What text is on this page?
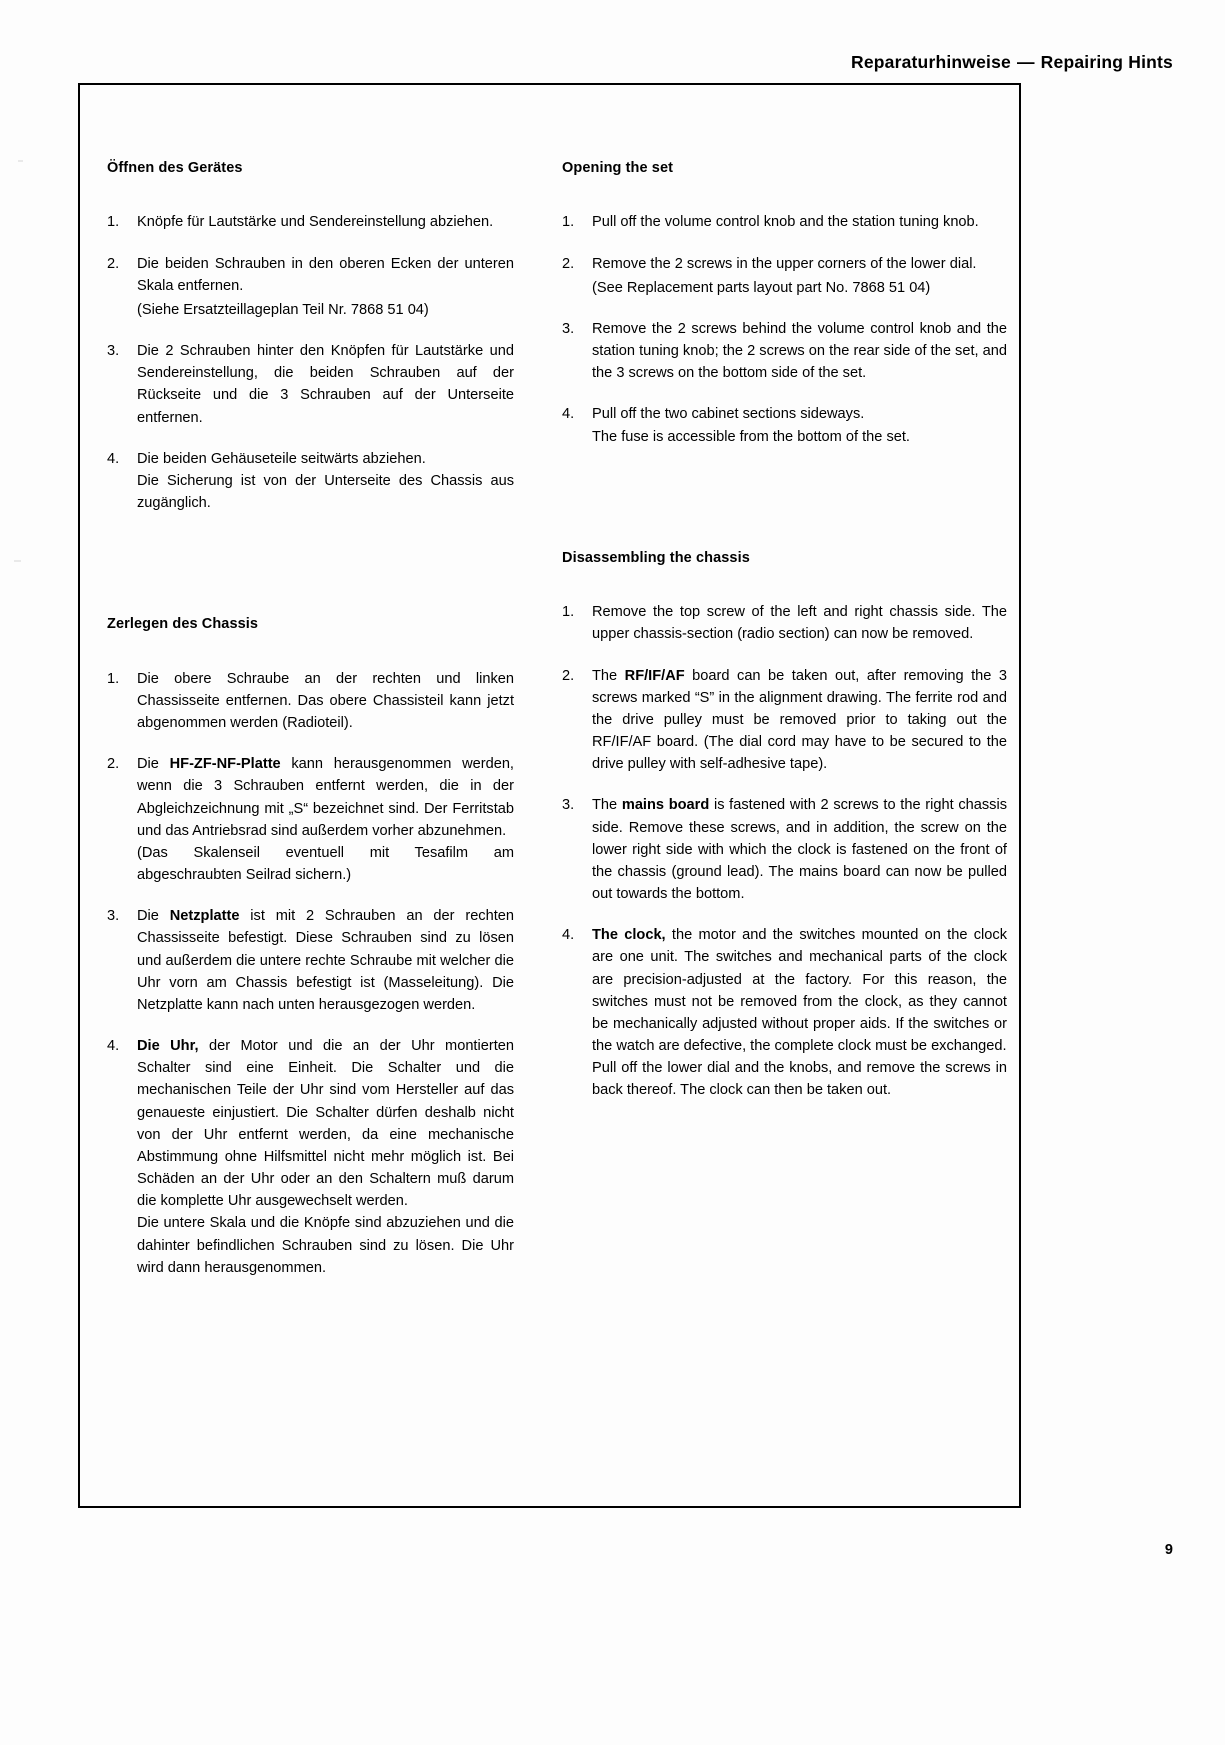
Reparaturhinweise — Repairing Hints
Öffnen des Gerätes
1.	Knöpfe für Lautstärke und Sendereinstellung abziehen.

2.	Die beiden Schrauben in den oberen Ecken der unteren Skala entfernen.

(Siehe Ersatzteillageplan Teil Nr. 7868 51 04)

3.	Die 2 Schrauben hinter den Knöpfen für Lautstärke und Sendereinstellung, die beiden Schrauben auf der Rückseite und die 3 Schrauben auf der Unterseite entfernen.

4.	Die beiden Gehäuseteile seitwärts abziehen.

Die Sicherung ist von der Unterseite des Chassis aus zugänglich.

Zerlegen des Chassis
1.	Die obere Schraube an der rechten und linken Chassisseite entfernen. Das obere Chassisteil kann jetzt abgenommen werden (Radioteil).

2.	Die HF-ZF-NF-Platte kann herausgenommen werden, wenn die 3 Schrauben entfernt werden, die in der Abgleichzeichnung mit „S“ bezeichnet sind. Der Ferritstab und das Antriebsrad sind außerdem vorher abzunehmen.

(Das Skalenseil eventuell mit Tesafilm am abgeschraubten Seilrad sichern.)

3.	Die Netzplatte ist mit 2 Schrauben an der rechten Chassisseite befestigt. Diese Schrauben sind zu lösen und außerdem die untere rechte Schraube mit welcher die Uhr vorn am Chassis befestigt ist (Masseleitung). Die Netzplatte kann nach unten herausgezogen werden.

4.	Die Uhr, der Motor und die an der Uhr montierten Schalter sind eine Einheit. Die Schalter und die mechanischen Teile der Uhr sind vom Hersteller auf das genaueste einjustiert. Die Schalter dürfen deshalb nicht von der Uhr entfernt werden, da eine mechanische Abstimmung ohne Hilfsmittel nicht mehr möglich ist. Bei Schäden an der Uhr oder an den Schaltern muß darum die komplette Uhr ausgewechselt werden.

Die untere Skala und die Knöpfe sind abzuziehen und die dahinter befindlichen Schrauben sind zu lösen. Die Uhr wird dann herausgenommen.

Opening the set
1.	Pull off the volume control knob and the station tuning knob.

2.	Remove the 2 screws in the upper corners of the lower dial.

(See Replacement parts layout part No. 7868 51 04)

3.	Remove the 2 screws behind the volume control knob and the station tuning knob; the 2 screws on the rear side of the set, and the 3 screws on the bottom side of the set.

4.	Pull off the two cabinet sections sideways.

The fuse is accessible from the bottom of the set.

Disassembling the chassis
1.	Remove the top screw of the left and right chassis side. The upper chassis-section (radio section) can now be removed.

2.	The RF/IF/AF board can be taken out, after removing the 3 screws marked “S” in the alignment drawing. The ferrite rod and the drive pulley must be removed prior to taking out the RF/IF/AF board. (The dial cord may have to be secured to the drive pulley with self-adhesive tape).

3.	The mains board is fastened with 2 screws to the right chassis side. Remove these screws, and in addition, the screw on the lower right side with which the clock is fastened on the front of the chassis (ground lead). The mains board can now be pulled out towards the bottom.

4.	The clock, the motor and the switches mounted on the clock are one unit. The switches and mechanical parts of the clock are precision-adjusted at the factory. For this reason, the switches must not be removed from the clock, as they cannot be mechanically adjusted without proper aids. If the switches or the watch are defective, the complete clock must be exchanged.

Pull off the lower dial and the knobs, and remove the screws in back thereof. The clock can then be taken out.

9
